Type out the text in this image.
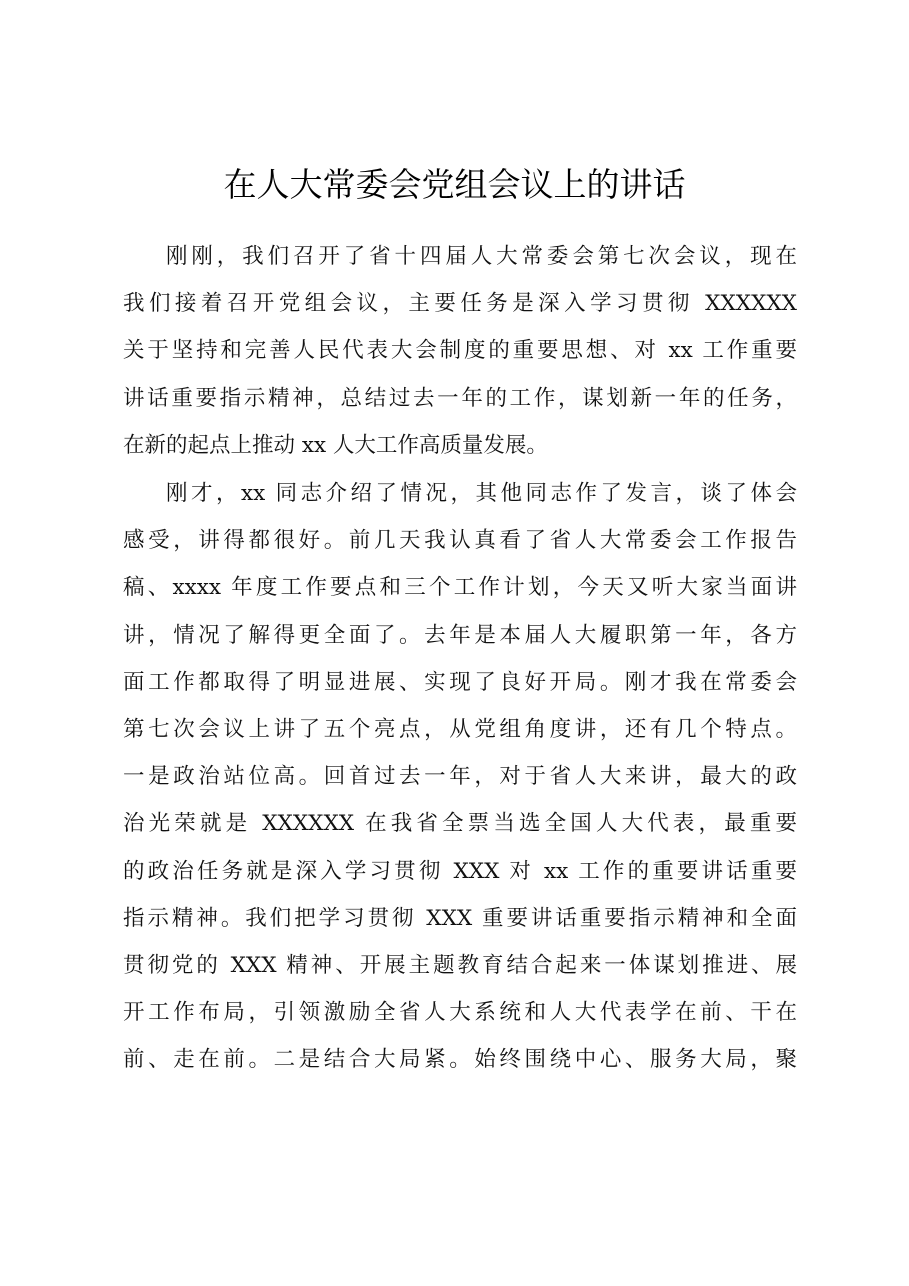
在人大常委会党组会议上的讲话
刚刚，我们召开了省十四届人大常委会第七次会议，现在
我们接着召开党组会议，主要任务是深入学习贯彻 XXXXXX
关于坚持和完善人民代表大会制度的重要思想、对 xx 工作重要
讲话重要指示精神，总结过去一年的工作，谋划新一年的任务，
在新的起点上推动 xx 人大工作高质量发展。
刚才，xx 同志介绍了情况，其他同志作了发言，谈了体会
感受，讲得都很好。前几天我认真看了省人大常委会工作报告
稿、xxxx 年度工作要点和三个工作计划，今天又听大家当面讲
讲，情况了解得更全面了。去年是本届人大履职第一年，各方
面工作都取得了明显进展、实现了良好开局。刚才我在常委会
第七次会议上讲了五个亮点，从党组角度讲，还有几个特点。
一是政治站位高。回首过去一年，对于省人大来讲，最大的政
治光荣就是 XXXXXX 在我省全票当选全国人大代表，最重要
的政治任务就是深入学习贯彻 XXX 对 xx 工作的重要讲话重要
指示精神。我们把学习贯彻 XXX 重要讲话重要指示精神和全面
贯彻党的 XXX 精神、开展主题教育结合起来一体谋划推进、展
开工作布局，引领激励全省人大系统和人大代表学在前、干在
前、走在前。二是结合大局紧。始终围绕中心、服务大局，聚
